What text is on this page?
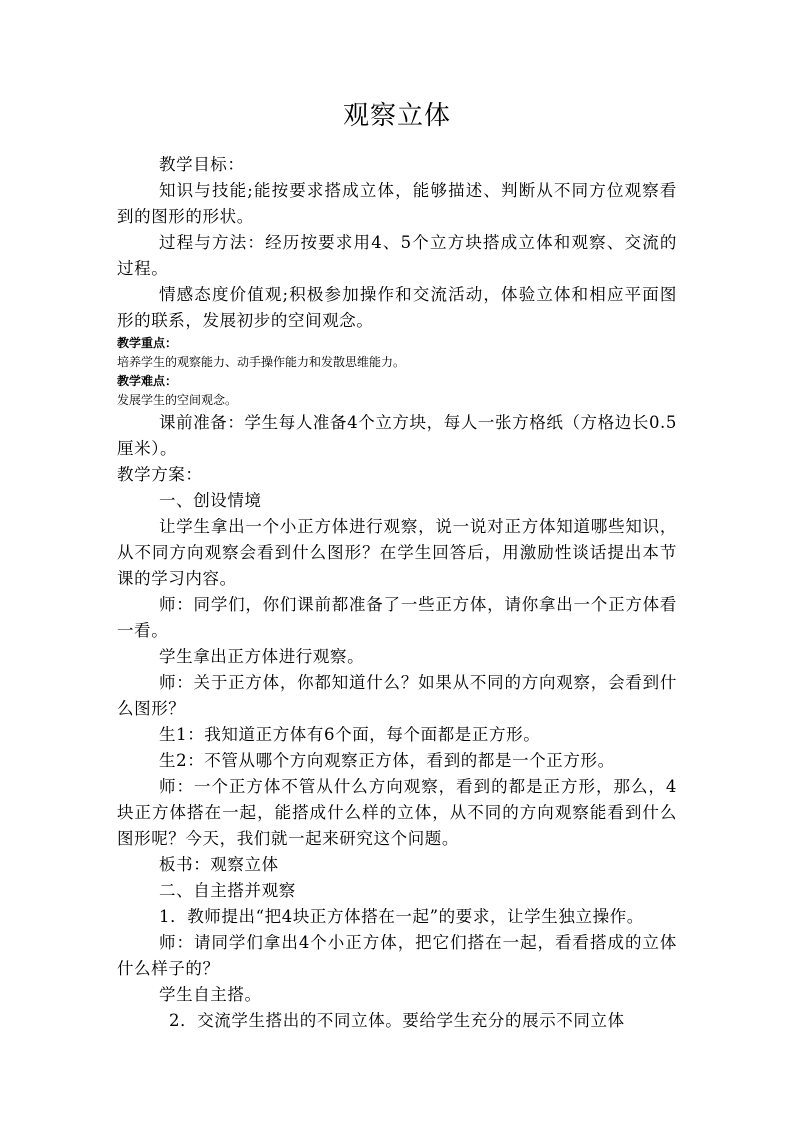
观察立体

教学目标：

知识与技能;能按要求搭成立体，能够描述、判断从不同方位观察看到的图形的形状。

过程与方法：经历按要求用4、5个立方块搭成立体和观察、交流的过程。

情感态度价值观;积极参加操作和交流活动，体验立体和相应平面图形的联系，发展初步的空间观念。

教学重点：

培养学生的观察能力、动手操作能力和发散思维能力。

教学难点：

发展学生的空间观念。

课前准备：学生每人准备4个立方块，每人一张方格纸（方格边长0.5厘米）。

教学方案：

一、创设情境

让学生拿出一个小正方体进行观察，说一说对正方体知道哪些知识，从不同方向观察会看到什么图形？在学生回答后，用激励性谈话提出本节课的学习内容。

师：同学们，你们课前都准备了一些正方体，请你拿出一个正方体看一看。

学生拿出正方体进行观察。

师：关于正方体，你都知道什么？如果从不同的方向观察，会看到什么图形？

生1：我知道正方体有6个面，每个面都是正方形。

生2：不管从哪个方向观察正方体，看到的都是一个正方形。

师：一个正方体不管从什么方向观察，看到的都是正方形，那么，4块正方体搭在一起，能搭成什么样的立体，从不同的方向观察能看到什么图形呢？今天，我们就一起来研究这个问题。

板书：观察立体

二、自主搭并观察

1．教师提出“把4块正方体搭在一起”的要求，让学生独立操作。

师：请同学们拿出4个小正方体，把它们搭在一起，看看搭成的立体什么样子的？

学生自主搭。

2．交流学生搭出的不同立体。要给学生充分的展示不同立体
